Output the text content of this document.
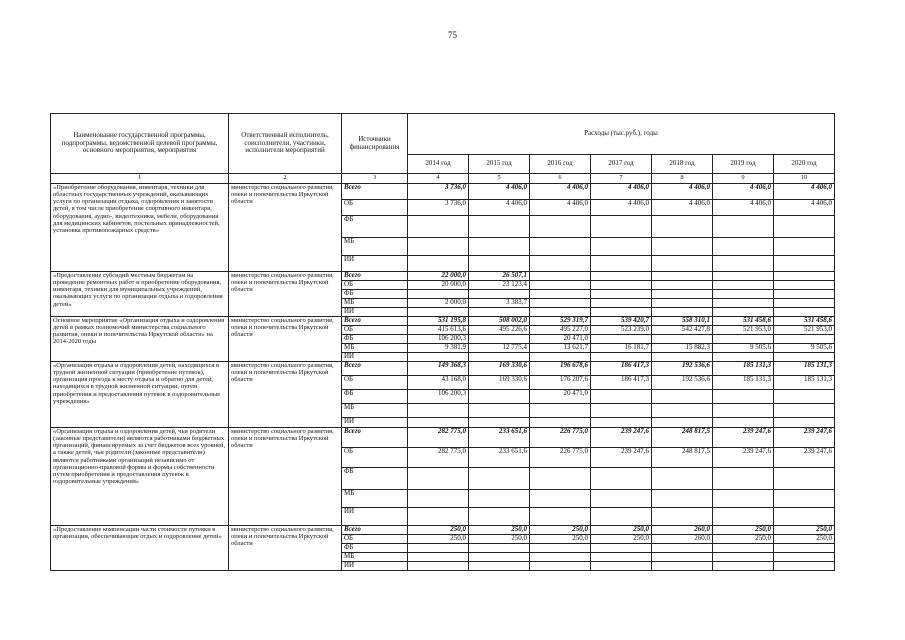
75
Наименование государственной программы, подпрограммы, ведомственной целевой программы, основного мероприятия, мероприятия	Ответственный исполнитель, соисполнители, участники, исполнители мероприятий	Источники финансирования	Расходы (тыс.руб.), годы						
			2014 год	2015 год	2016 год	2017 год	2018 год	2019 год	2020 год
1	2	3	4	5	6	7	8	9	10
«Приобретение оборудования, инвентаря, техники для областных государственных учреждений, оказывающих услуги по организации отдыха, оздоровления и занятости детей, в том числе приобретение спортивного инвентаря, оборудования, аудио-, видеотехники, мебели, оборудования для медицинских кабинетов, постельных принадлежностей, установка противопожарных средств»	министерство социального развития, опеки и попечительства Иркутской области	Всего	3 736,0	4 406,0	4 406,0	4 406,0	4 406,0	4 406,0	4 406,0
		ОБ	3 736,0	4 406,0	4 406,0	4 406,0	4 406,0	4 406,0	4 406,0
		ФБ							
		МБ							
		ИИ							
«Предоставление субсидий местным бюджетам на проведение ремонтных работ и приобретение оборудования, инвентаря, техники для муниципальных учреждений, оказывающих услуги по организации отдыха и оздоровления детей»	министерство социального развития, опеки и попечительства Иркутской области	Всего	22 000,0	26 507,1					
		ОБ	20 000,0	23 123,4					
		ФБ							
		МБ	2 000,0	3 383,7					
		ИИ							
Основное мероприятие «Организация отдыха и оздоровления детей в рамках полномочий министерства социального развития, опеки и попечительства Иркутской области» на 2014-2020 годы	министерство социального развития, опеки и попечительства Иркутской области	Всего	531 195,8	508 002,0	529 319,7	539 420,7	558 310,1	531 458,6	531 458,6
		ОБ	415 613,6	495 226,6	495 227,0	523 239,0	542 427,8	521 953,0	521 953,0
		ФБ	106 200,3		20 471,0				
		МБ	9 381,9	12 775,4	13 621,7	16 181,7	15 882,3	9 505,6	9 505,6
		ИИ							
«Организация отдыха и оздоровления детей, находящихся в трудной жизненной ситуации (приобретение путевок), организация проезда к месту отдыха и обратно для детей, находящихся в трудной жизненной ситуации, путем приобретения и предоставления путевок в оздоровительные учреждения»	министерство социального развития, опеки и попечительства Иркутской области	Всего	149 368,3	169 330,6	196 678,6	186 417,3	192 536,6	185 131,3	185 131,3
		ОБ	43 168,0	169 330,6	176 207,6	186 417,3	192 536,6	185 131,3	185 131,3
		ФБ	106 200,3		20 471,0				
		МБ							
		ИИ							
«Организация отдыха и оздоровления детей, чьи родители (законные представители) являются работниками бюджетных организаций, финансируемых за счет бюджетов всех уровней, а также детей, чьи родители (законные представители) являются работниками организаций независимо от организационно-правовой формы и формы собственности путем приобретения и предоставления путевок в оздоровительные учреждения»	министерство социального развития, опеки и попечительства Иркутской области	Всего	282 775,0	233 651,6	226 775,0	239 247,6	248 817,5	239 247,6	239 247,6
		ОБ	282 775,0	233 651,6	226 775,0	239 247,6	248 817,5	239 247,6	239 247,6
		ФБ							
		МБ							
		ИИ							
«Предоставление компенсации части стоимости путевки в организации, обеспечивающие отдых и оздоровление детей»	министерство социального развития, опеки и попечительства Иркутской области	Всего	250,0	250,0	250,0	250,0	260,0	250,0	250,0
		ОБ	250,0	250,0	250,0	250,0	260,0	250,0	250,0
		ФБ							
		МБ							
		ИИ							
